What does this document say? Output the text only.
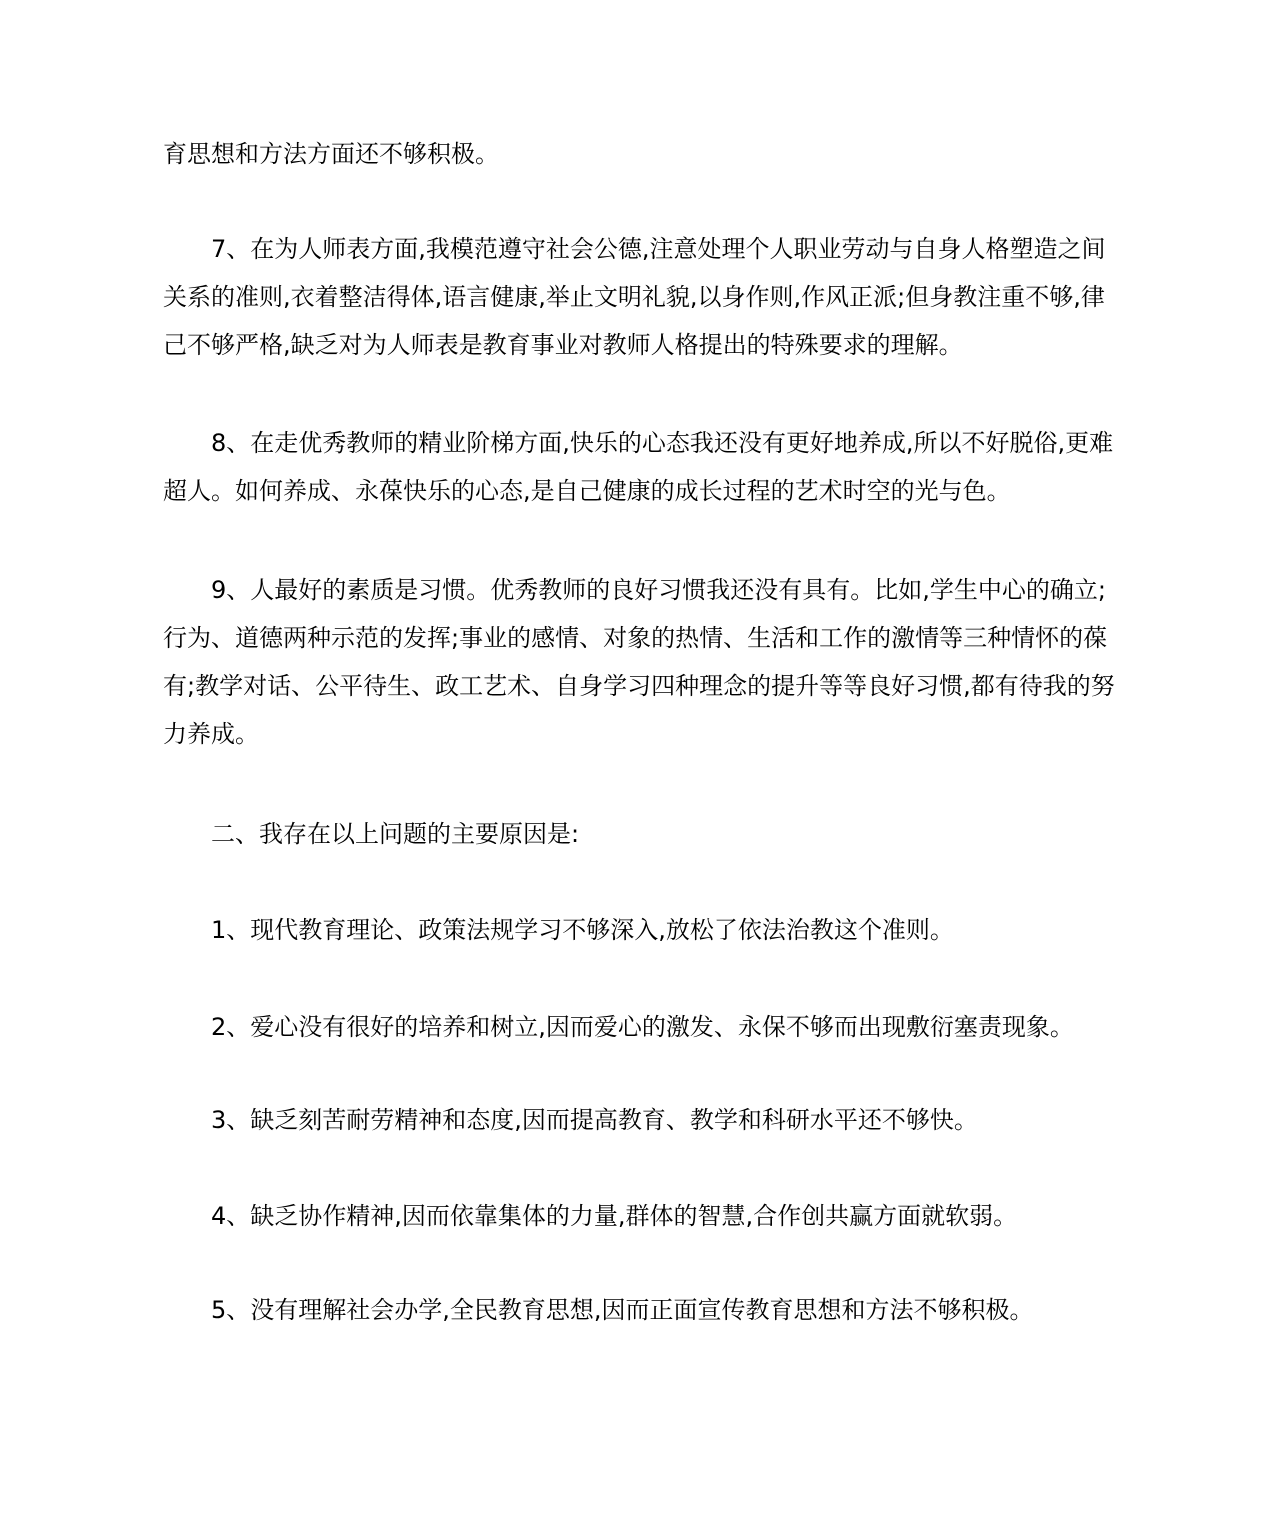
育思想和方法方面还不够积极。

7、在为人师表方面,我模范遵守社会公德,注意处理个人职业劳动与自身人格塑造之间关系的准则,衣着整洁得体,语言健康,举止文明礼貌,以身作则,作风正派;但身教注重不够,律己不够严格,缺乏对为人师表是教育事业对教师人格提出的特殊要求的理解。

8、在走优秀教师的精业阶梯方面,快乐的心态我还没有更好地养成,所以不好脱俗,更难超人。如何养成、永葆快乐的心态,是自己健康的成长过程的艺术时空的光与色。

9、人最好的素质是习惯。优秀教师的良好习惯我还没有具有。比如,学生中心的确立;行为、道德两种示范的发挥;事业的感情、对象的热情、生活和工作的激情等三种情怀的葆有;教学对话、公平待生、政工艺术、自身学习四种理念的提升等等良好习惯,都有待我的努力养成。

二、我存在以上问题的主要原因是:

1、现代教育理论、政策法规学习不够深入,放松了依法治教这个准则。

2、爱心没有很好的培养和树立,因而爱心的激发、永保不够而出现敷衍塞责现象。

3、缺乏刻苦耐劳精神和态度,因而提高教育、教学和科研水平还不够快。

4、缺乏协作精神,因而依靠集体的力量,群体的智慧,合作创共赢方面就软弱。

5、没有理解社会办学,全民教育思想,因而正面宣传教育思想和方法不够积极。
